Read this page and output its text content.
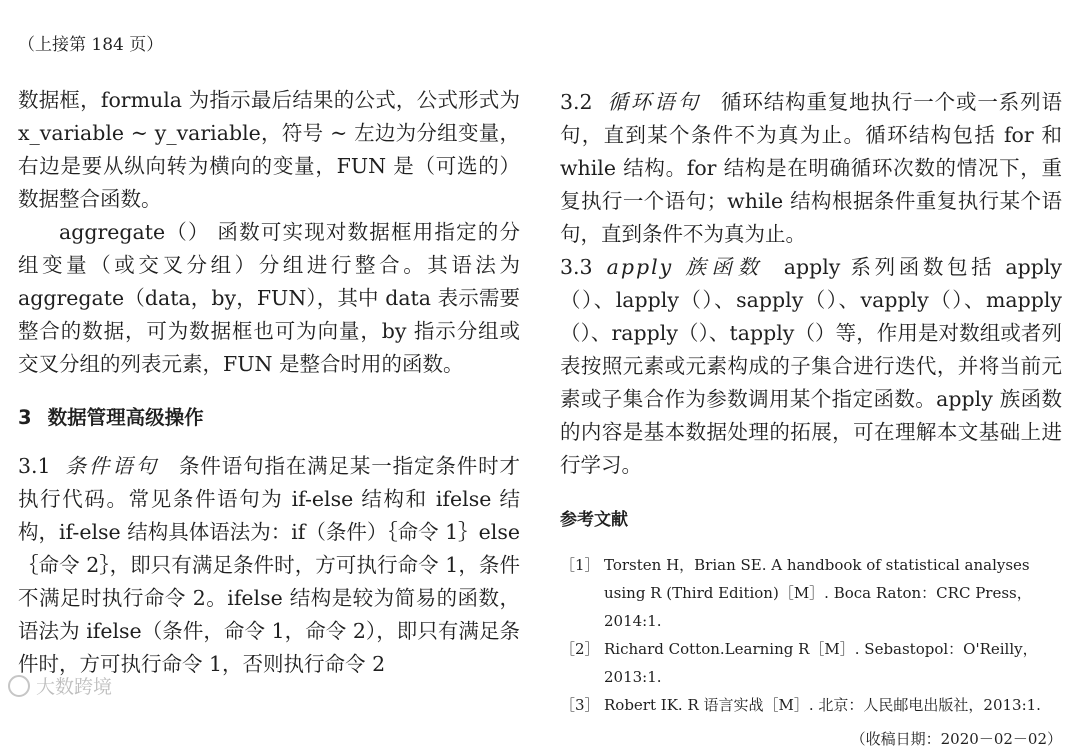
（上接第 184 页）

数据框，formula 为指示最后结果的公式，公式形式为 x_variable ~ y_variable，符号 ~ 左边为分组变量，右边是要从纵向转为横向的变量，FUN 是（可选的）数据整合函数。

aggregate（） 函数可实现对数据框用指定的分组变量（或交叉分组）分组进行整合。其语法为 aggregate（data，by，FUN），其中 data 表示需要整合的数据，可为数据框也可为向量，by 指示分组或交叉分组的列表元素，FUN 是整合时用的函数。

3 数据管理高级操作

3.1 条件语句 条件语句指在满足某一指定条件时才执行代码。常见条件语句为 if-else 结构和 ifelse 结构，if-else 结构具体语法为：if（条件）｛命令 1｝else｛命令 2｝，即只有满足条件时，方可执行命令 1，条件不满足时执行命令 2。ifelse 结构是较为简易的函数，语法为 ifelse（条件，命令 1，命令 2），即只有满足条件时，方可执行命令 1，否则执行命令 2

3.2 循环语句 循环结构重复地执行一个或一系列语句，直到某个条件不为真为止。循环结构包括 for 和 while 结构。for 结构是在明确循环次数的情况下，重复执行一个语句；while 结构根据条件重复执行某个语句，直到条件不为真为止。

3.3 apply 族函数 apply 系列函数包括 apply（）、lapply（）、sapply（）、vapply（）、mapply（）、rapply（）、tapply（）等，作用是对数组或者列表按照元素或元素构成的子集合进行迭代，并将当前元素或子集合作为参数调用某个指定函数。apply 族函数的内容是基本数据处理的拓展，可在理解本文基础上进行学习。

参考文献
［1］ Torsten H，Brian SE. A handbook of statistical analyses using R (Third Edition)［M］. Boca Raton：CRC Press，2014:1.
［2］ Richard Cotton.Learning R［M］. Sebastopol：O'Reilly，2013:1.
［3］ Robert IK. R 语言实战［M］. 北京：人民邮电出版社，2013:1.
（收稿日期：2020－02－02）
大数跨境
